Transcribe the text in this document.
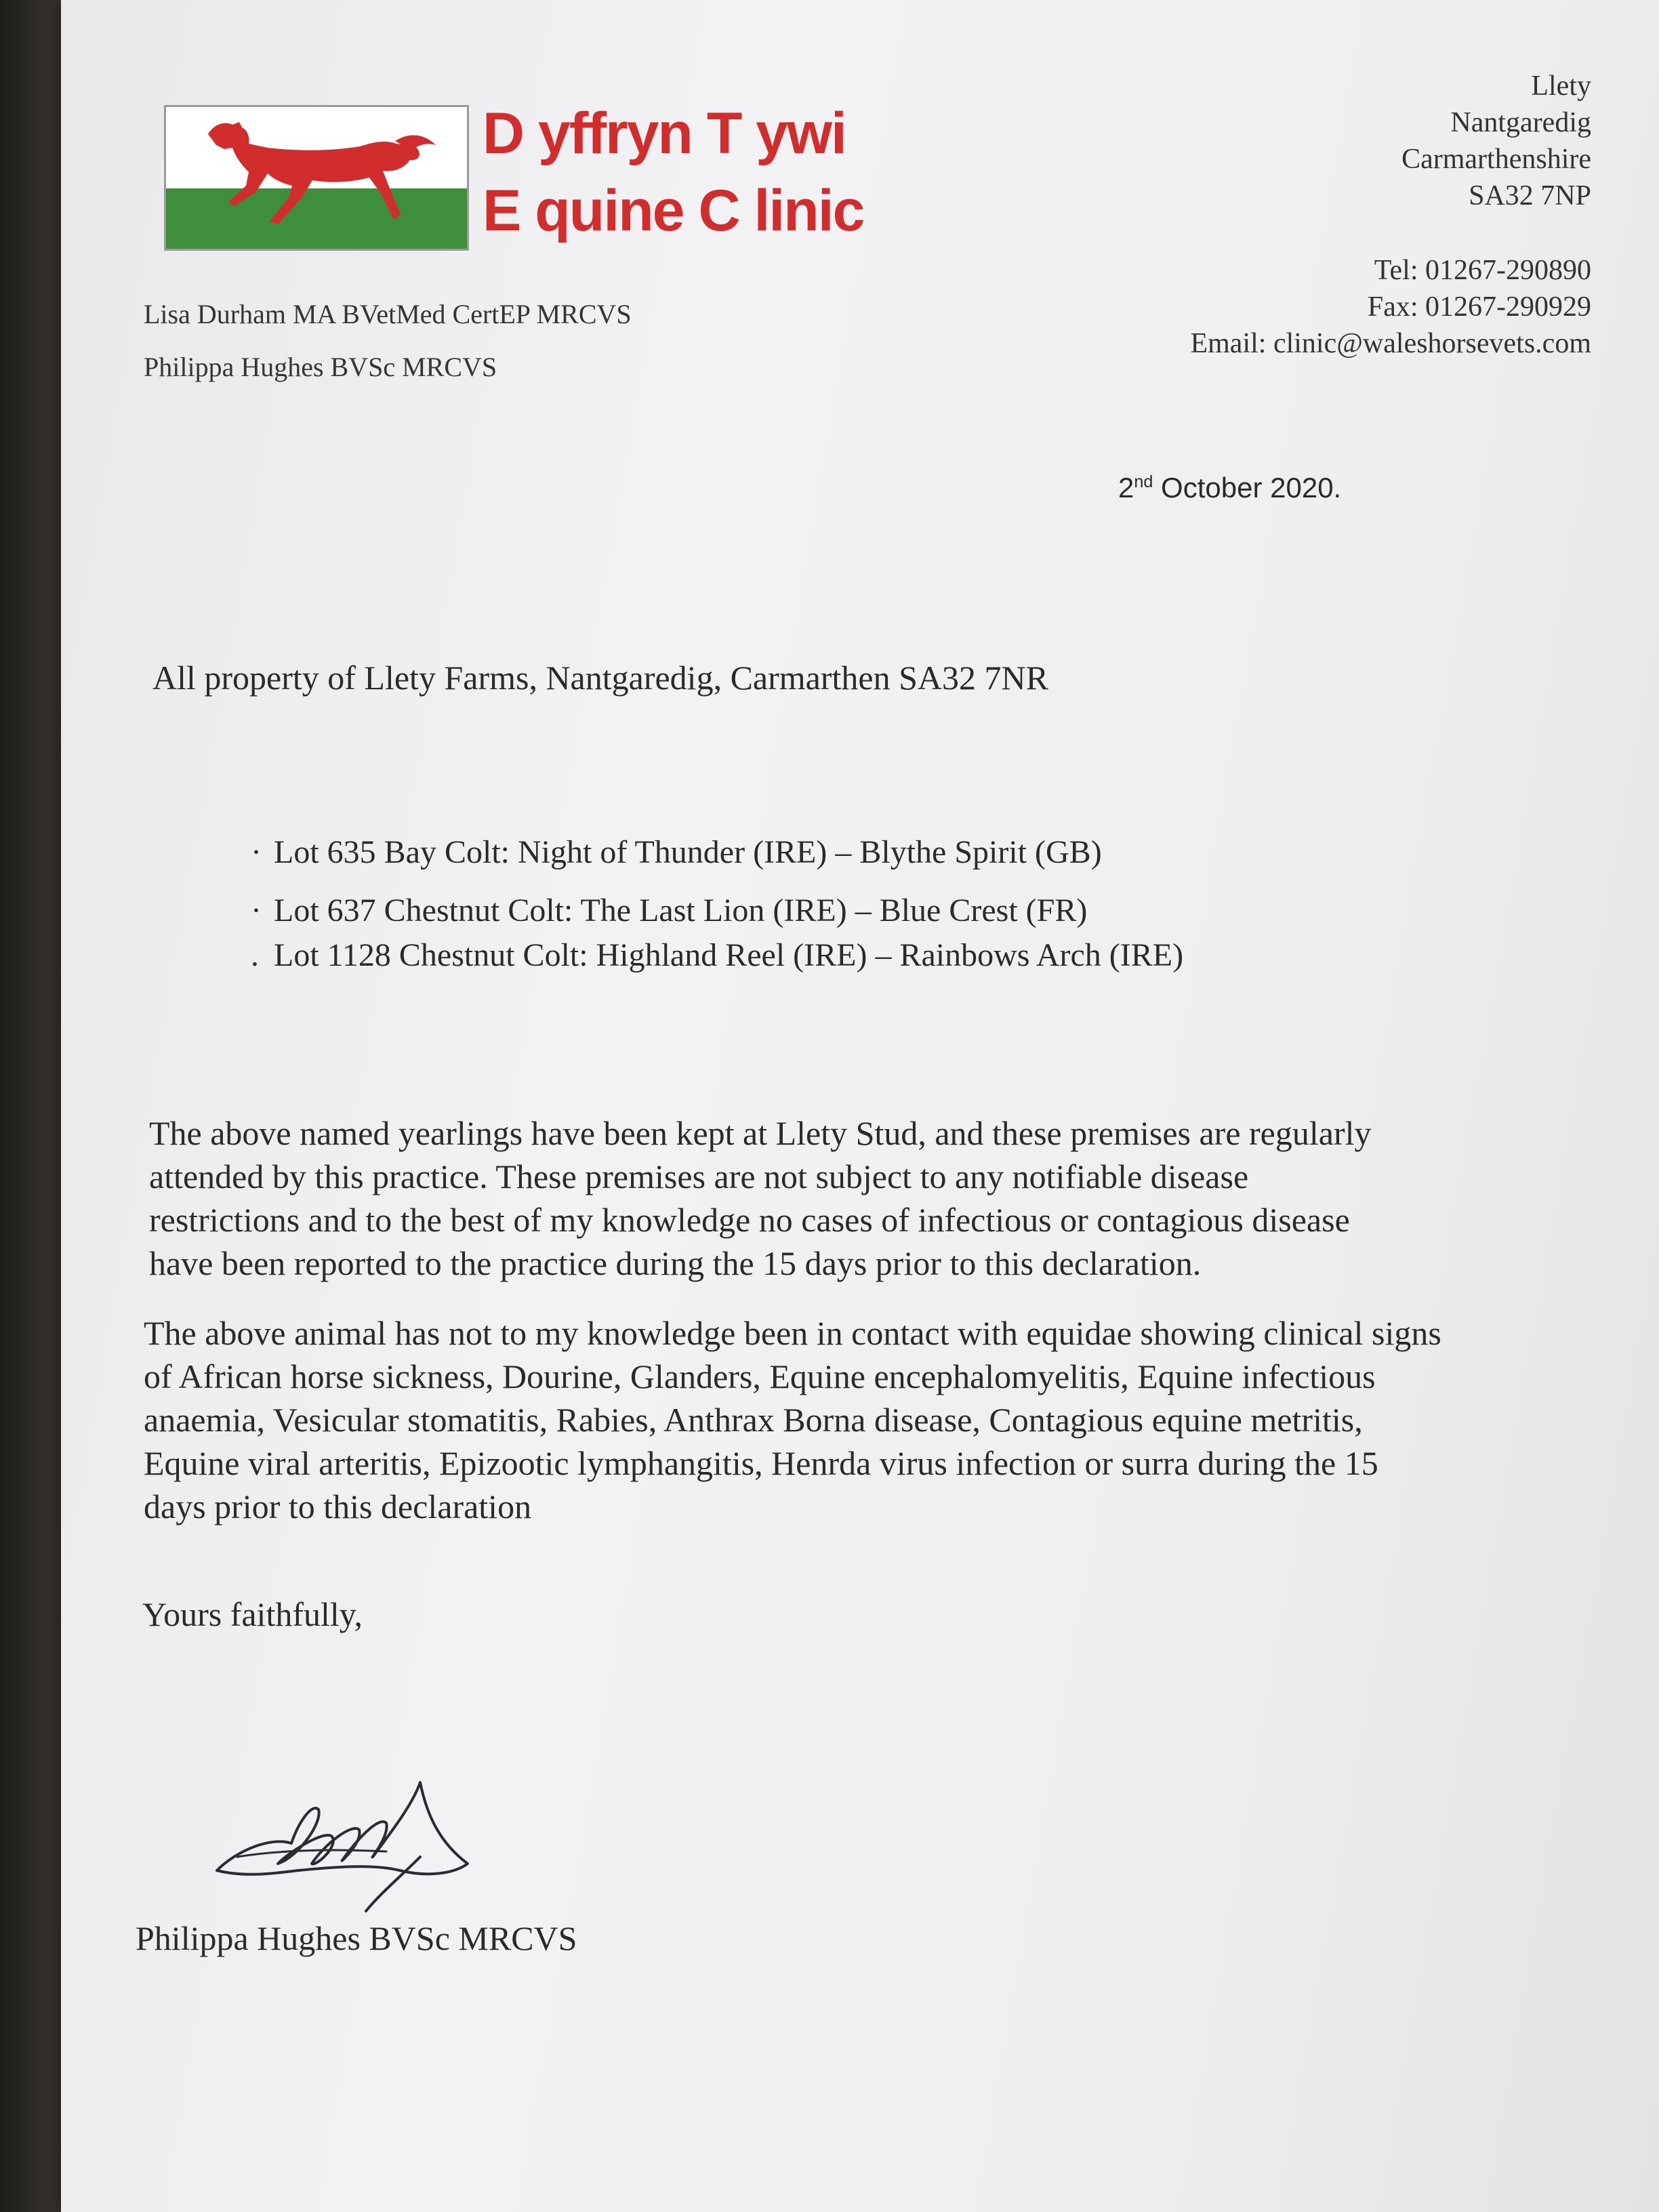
D yffryn T ywi
E quine C linic
Lisa Durham MA BVetMed CertEP MRCVS
Philippa Hughes BVSc MRCVS
Llety
Nantgaredig
Carmarthenshire
SA32 7NP
Tel: 01267-290890
Fax: 01267-290929
Email: clinic@waleshorsevets.com
2nd October 2020.
All property of Llety Farms, Nantgaredig, Carmarthen SA32 7NR
· Lot 635 Bay Colt: Night of Thunder (IRE) – Blythe Spirit (GB)
· Lot 637 Chestnut Colt: The Last Lion (IRE) – Blue Crest (FR)
. Lot 1128 Chestnut Colt: Highland Reel (IRE) – Rainbows Arch (IRE)
The above named yearlings have been kept at Llety Stud, and these premises are regularly
attended by this practice. These premises are not subject to any notifiable disease
restrictions and to the best of my knowledge no cases of infectious or contagious disease
have been reported to the practice during the 15 days prior to this declaration.
The above animal has not to my knowledge been in contact with equidae showing clinical signs
of African horse sickness, Dourine, Glanders, Equine encephalomyelitis, Equine infectious
anaemia, Vesicular stomatitis, Rabies, Anthrax Borna disease, Contagious equine metritis,
Equine viral arteritis, Epizootic lymphangitis, Henrda virus infection or surra during the 15
days prior to this declaration
Yours faithfully,
Philippa Hughes BVSc MRCVS
